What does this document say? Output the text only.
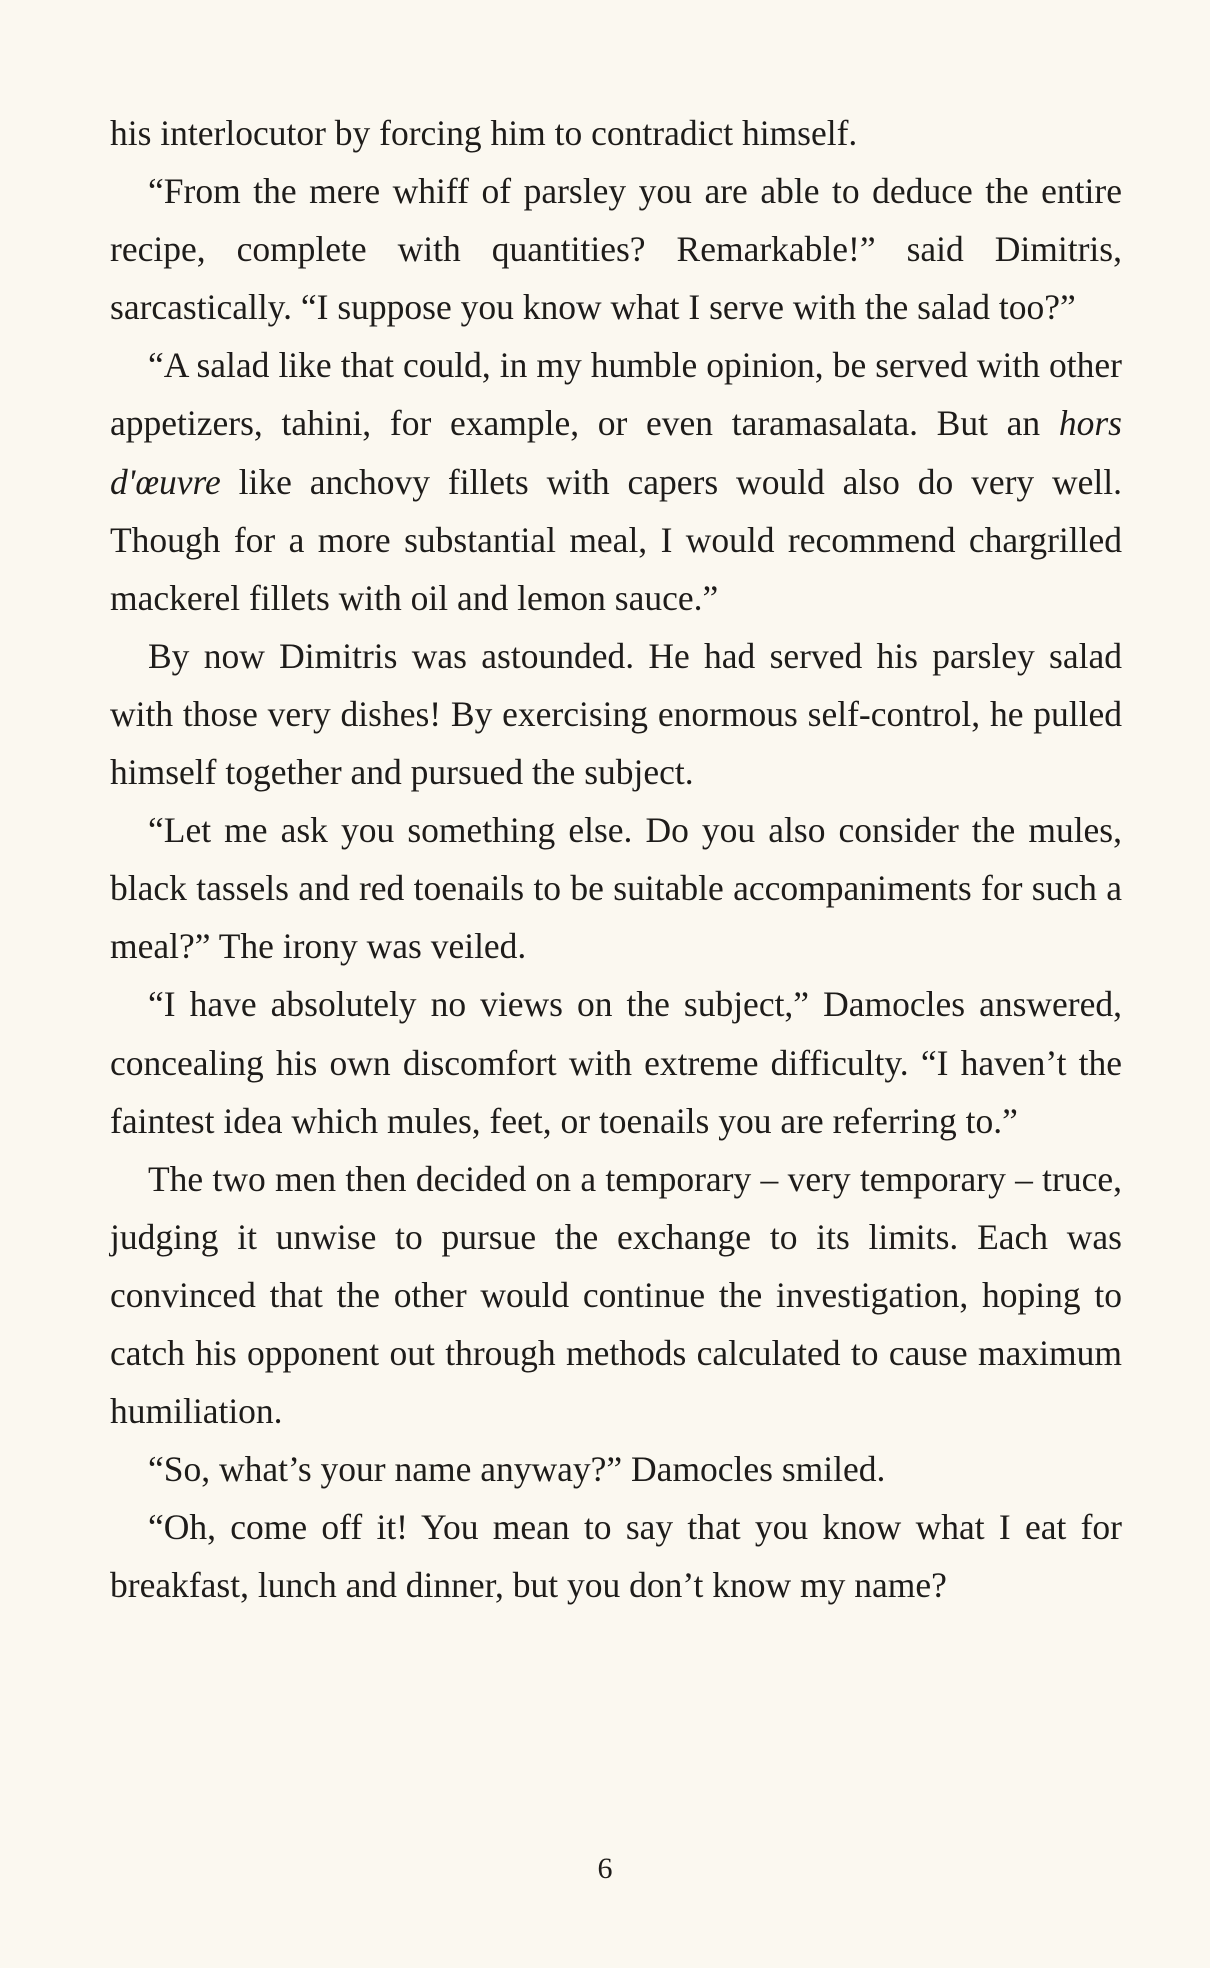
his interlocutor by forcing him to contradict himself.

“From the mere whiff of parsley you are able to deduce the entire recipe, complete with quantities? Remarkable!” said Dimitris, sarcastically. “I suppose you know what I serve with the salad too?”

“A salad like that could, in my humble opinion, be served with other appetizers, tahini, for example, or even taramasalata. But an hors d'œuvre like anchovy fillets with capers would also do very well. Though for a more substantial meal, I would recommend chargrilled mackerel fillets with oil and lemon sauce.”

By now Dimitris was astounded. He had served his parsley salad with those very dishes! By exercising enormous self-control, he pulled himself together and pursued the subject.

“Let me ask you something else. Do you also consider the mules, black tassels and red toenails to be suitable accompaniments for such a meal?” The irony was veiled.

“I have absolutely no views on the subject,” Damocles answered, concealing his own discomfort with extreme difficulty. “I haven’t the faintest idea which mules, feet, or toenails you are referring to.”

The two men then decided on a temporary – very temporary – truce, judging it unwise to pursue the exchange to its limits. Each was convinced that the other would continue the investigation, hoping to catch his opponent out through methods calculated to cause maximum humiliation.

“So, what’s your name anyway?” Damocles smiled.

“Oh, come off it! You mean to say that you know what I eat for breakfast, lunch and dinner, but you don’t know my name?

6
